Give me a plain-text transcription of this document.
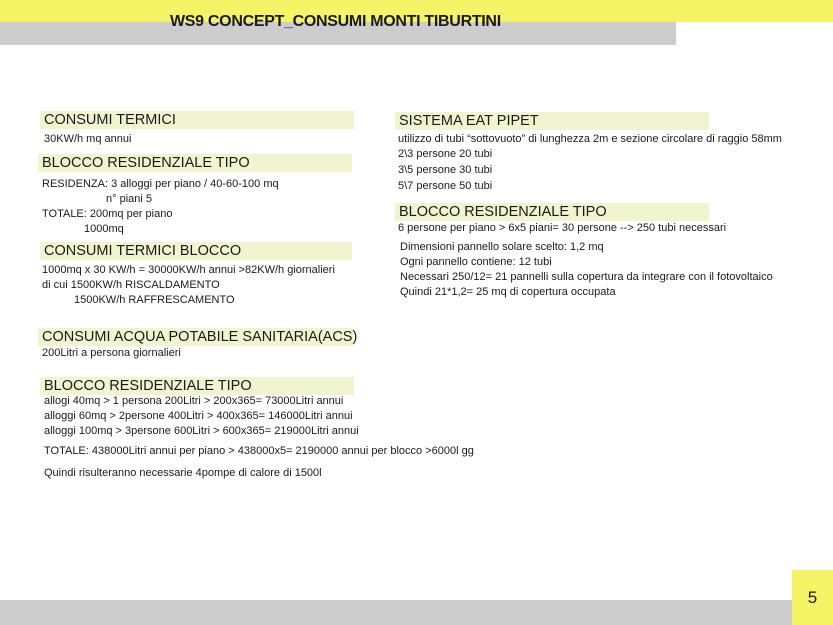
WS9 CONCEPT_CONSUMI MONTI TIBURTINI
CONSUMI TERMICI
30KW/h mq annui
BLOCCO RESIDENZIALE TIPO
RESIDENZA: 3 alloggi per piano / 40-60-100 mq
n° piani 5
TOTALE: 200mq per piano
1000mq
CONSUMI TERMICI BLOCCO
1000mq x 30 KW/h = 30000KW/h annui >82KW/h giornalieri
di cui 1500KW/h RISCALDAMENTO
1500KW/h RAFFRESCAMENTO
CONSUMI ACQUA POTABILE SANITARIA(ACS)
200Litri a persona giornalieri
BLOCCO RESIDENZIALE TIPO
allogi 40mq > 1 persona 200Litri > 200x365= 73000Litri annui
alloggi 60mq > 2persone 400Litri > 400x365= 146000Litri annui
alloggi 100mq > 3persone 600Litri > 600x365= 219000Litri annui
TOTALE: 438000Litri annui per piano > 438000x5= 2190000 annui per blocco >6000l gg
Quindi risulteranno necessarie 4pompe di calore di 1500l
SISTEMA EAT PIPET
utilizzo di tubi “sottovuoto” di lunghezza 2m e sezione circolare di raggio 58mm
2\3 persone 20 tubi
3\5 persone 30 tubi
5\7 persone 50 tubi
BLOCCO RESIDENZIALE TIPO
6 persone per piano > 6x5 piani= 30 persone --> 250 tubi necessari
Dimensioni pannello solare scelto: 1,2 mq
Ogni pannello contiene: 12 tubi
Necessari 250/12= 21 pannelli sulla copertura da integrare con il fotovoltaico
Quindi 21*1,2= 25 mq di copertura occupata
5
